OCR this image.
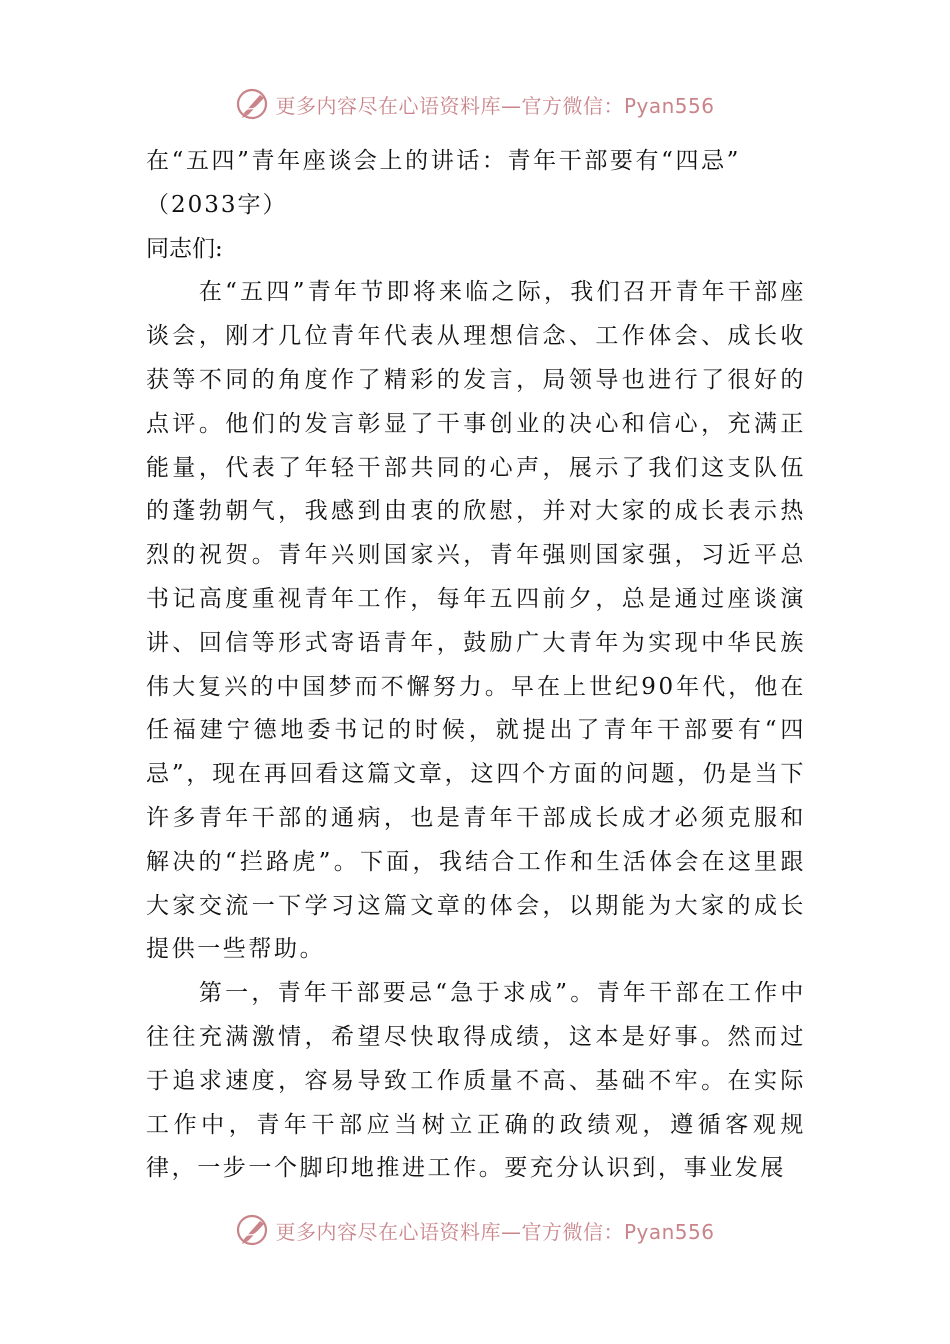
更多内容尽在心语资料库—官方微信：Pyan556
在“五四”青年座谈会上的讲话：青年干部要有“四忌”
（2033字）

同志们:

在“五四”青年节即将来临之际，我们召开青年干部座谈会，刚才几位青年代表从理想信念、工作体会、成长收获等不同的角度作了精彩的发言，局领导也进行了很好的点评。他们的发言彰显了干事创业的决心和信心，充满正能量，代表了年轻干部共同的心声，展示了我们这支队伍的蓬勃朝气，我感到由衷的欣慰，并对大家的成长表示热烈的祝贺。青年兴则国家兴，青年强则国家强，习近平总书记高度重视青年工作，每年五四前夕，总是通过座谈演讲、回信等形式寄语青年，鼓励广大青年为实现中华民族伟大复兴的中国梦而不懈努力。早在上世纪90年代，他在任福建宁德地委书记的时候，就提出了青年干部要有“四忌”，现在再回看这篇文章，这四个方面的问题，仍是当下许多青年干部的通病，也是青年干部成长成才必须克服和解决的“拦路虎”。下面，我结合工作和生活体会在这里跟大家交流一下学习这篇文章的体会，以期能为大家的成长提供一些帮助。

第一，青年干部要忌“急于求成”。青年干部在工作中往往充满激情，希望尽快取得成绩，这本是好事。然而过于追求速度，容易导致工作质量不高、基础不牢。在实际工作中，青年干部应当树立正确的政绩观，遵循客观规律，一步一个脚印地推进工作。要充分认识到，事业发展

更多内容尽在心语资料库—官方微信：Pyan556
